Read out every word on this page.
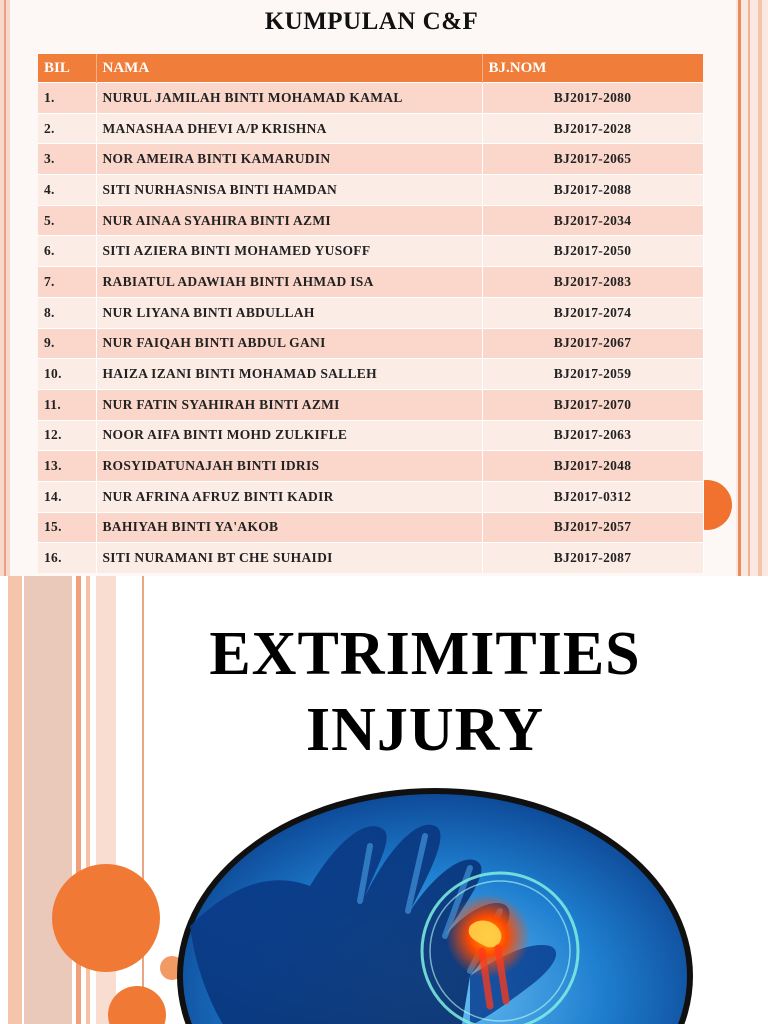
KUMPULAN C&F
BIL	NAMA	BJ.NOM
1.	NURUL JAMILAH BINTI MOHAMAD KAMAL	BJ2017-2080
2.	MANASHAA DHEVI A/P KRISHNA	BJ2017-2028
3.	NOR AMEIRA BINTI KAMARUDIN	BJ2017-2065
4.	SITI NURHASNISA BINTI HAMDAN	BJ2017-2088
5.	NUR AINAA SYAHIRA BINTI AZMI	BJ2017-2034
6.	SITI AZIERA BINTI MOHAMED YUSOFF	BJ2017-2050
7.	RABIATUL ADAWIAH BINTI AHMAD ISA	BJ2017-2083
8.	NUR LIYANA BINTI ABDULLAH	BJ2017-2074
9.	NUR FAIQAH BINTI ABDUL GANI	BJ2017-2067
10.	HAIZA IZANI BINTI MOHAMAD SALLEH	BJ2017-2059
11.	NUR FATIN SYAHIRAH BINTI AZMI	BJ2017-2070
12.	NOOR AIFA BINTI MOHD ZULKIFLE	BJ2017-2063
13.	ROSYIDATUNAJAH BINTI IDRIS	BJ2017-2048
14.	NUR AFRINA AFRUZ BINTI KADIR	BJ2017-0312
15.	BAHIYAH BINTI YA'AKOB	BJ2017-2057
16.	SITI NURAMANI BT CHE SUHAIDI	BJ2017-2087
EXTRIMITIES
INJURY
